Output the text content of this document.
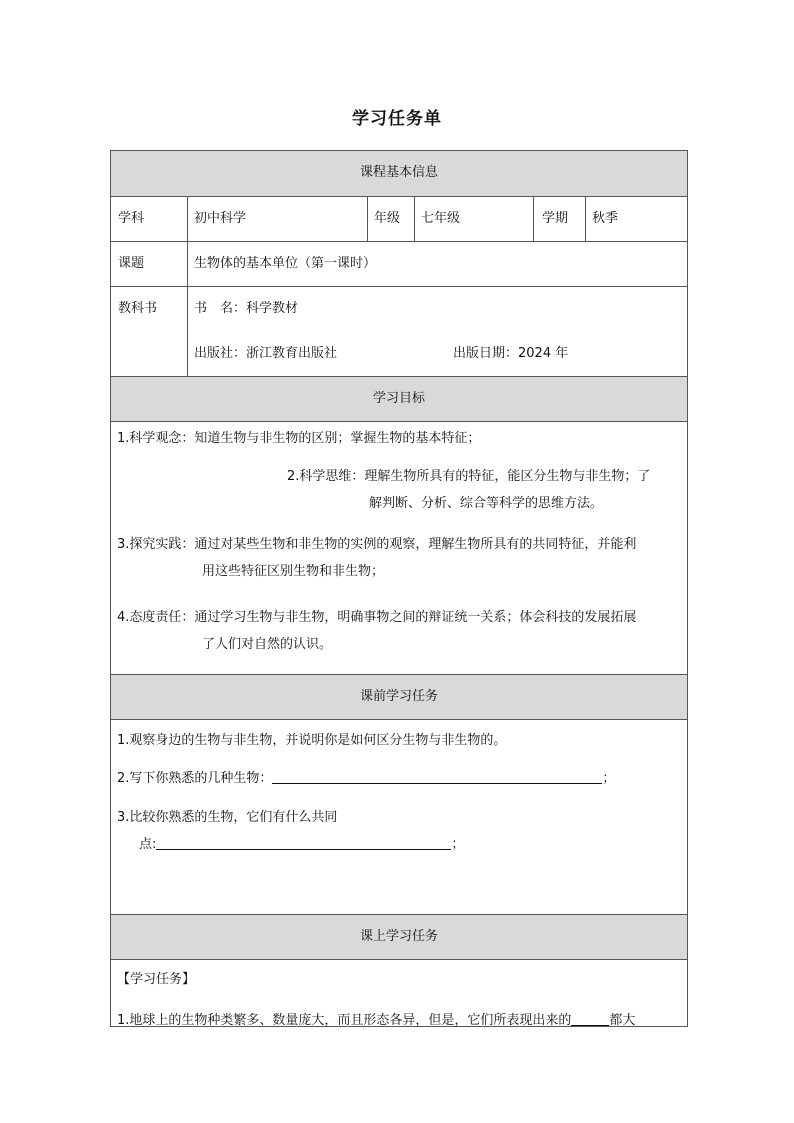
学习任务单
课程基本信息
学科	初中科学	年级 七年级	学期 秋季
课题	生物体的基本单位（第一课时）
教科书	书　名：科学教材
出版社：浙江教育出版社	出版日期：2024 年
学习目标
1.科学观念：知道生物与非生物的区别；掌握生物的基本特征；
2.科学思维：理解生物所具有的特征，能区分生物与非生物；了
解判断、分析、综合等科学的思维方法。
3.探究实践：通过对某些生物和非生物的实例的观察，理解生物所具有的共同特征，并能利
用这些特征区别生物和非生物；
4.态度责任：通过学习生物与非生物，明确事物之间的辩证统一关系；体会科技的发展拓展
了人们对自然的认识。
课前学习任务
1.观察身边的生物与非生物，并说明你是如何区分生物与非生物的。
2.写下你熟悉的几种生物：	；
3.比较你熟悉的生物，它们有什么共同
点:	；
课上学习任务
【学习任务】
1.地球上的生物种类繁多、数量庞大，而且形态各异，但是，它们所表现出来的	都大
